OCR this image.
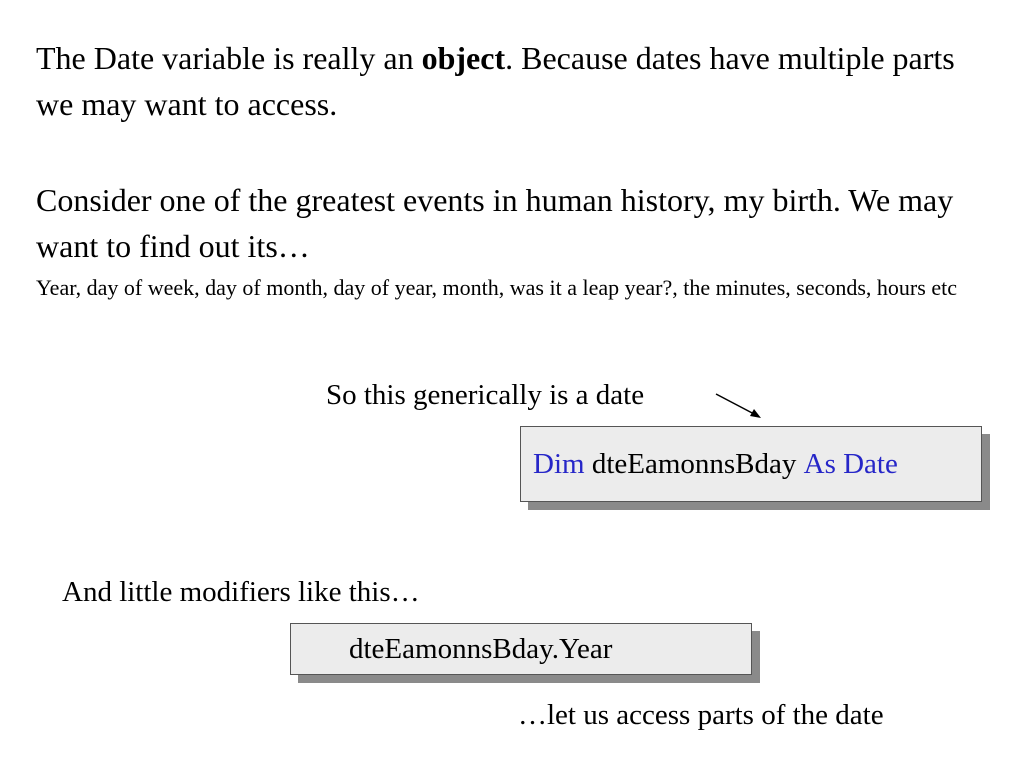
The Date variable is really an object. Because dates have multiple parts we may want to access.

Consider one of the greatest events in human history, my birth. We may want to find out its…

Year, day of week, day of month, day of year, month, was it a leap year?, the minutes, seconds, hours etc

So this generically is a date

Dim dteEamonnsBday As Date

And little modifiers like this…

dteEamonnsBday.Year

…let us access parts of the date
